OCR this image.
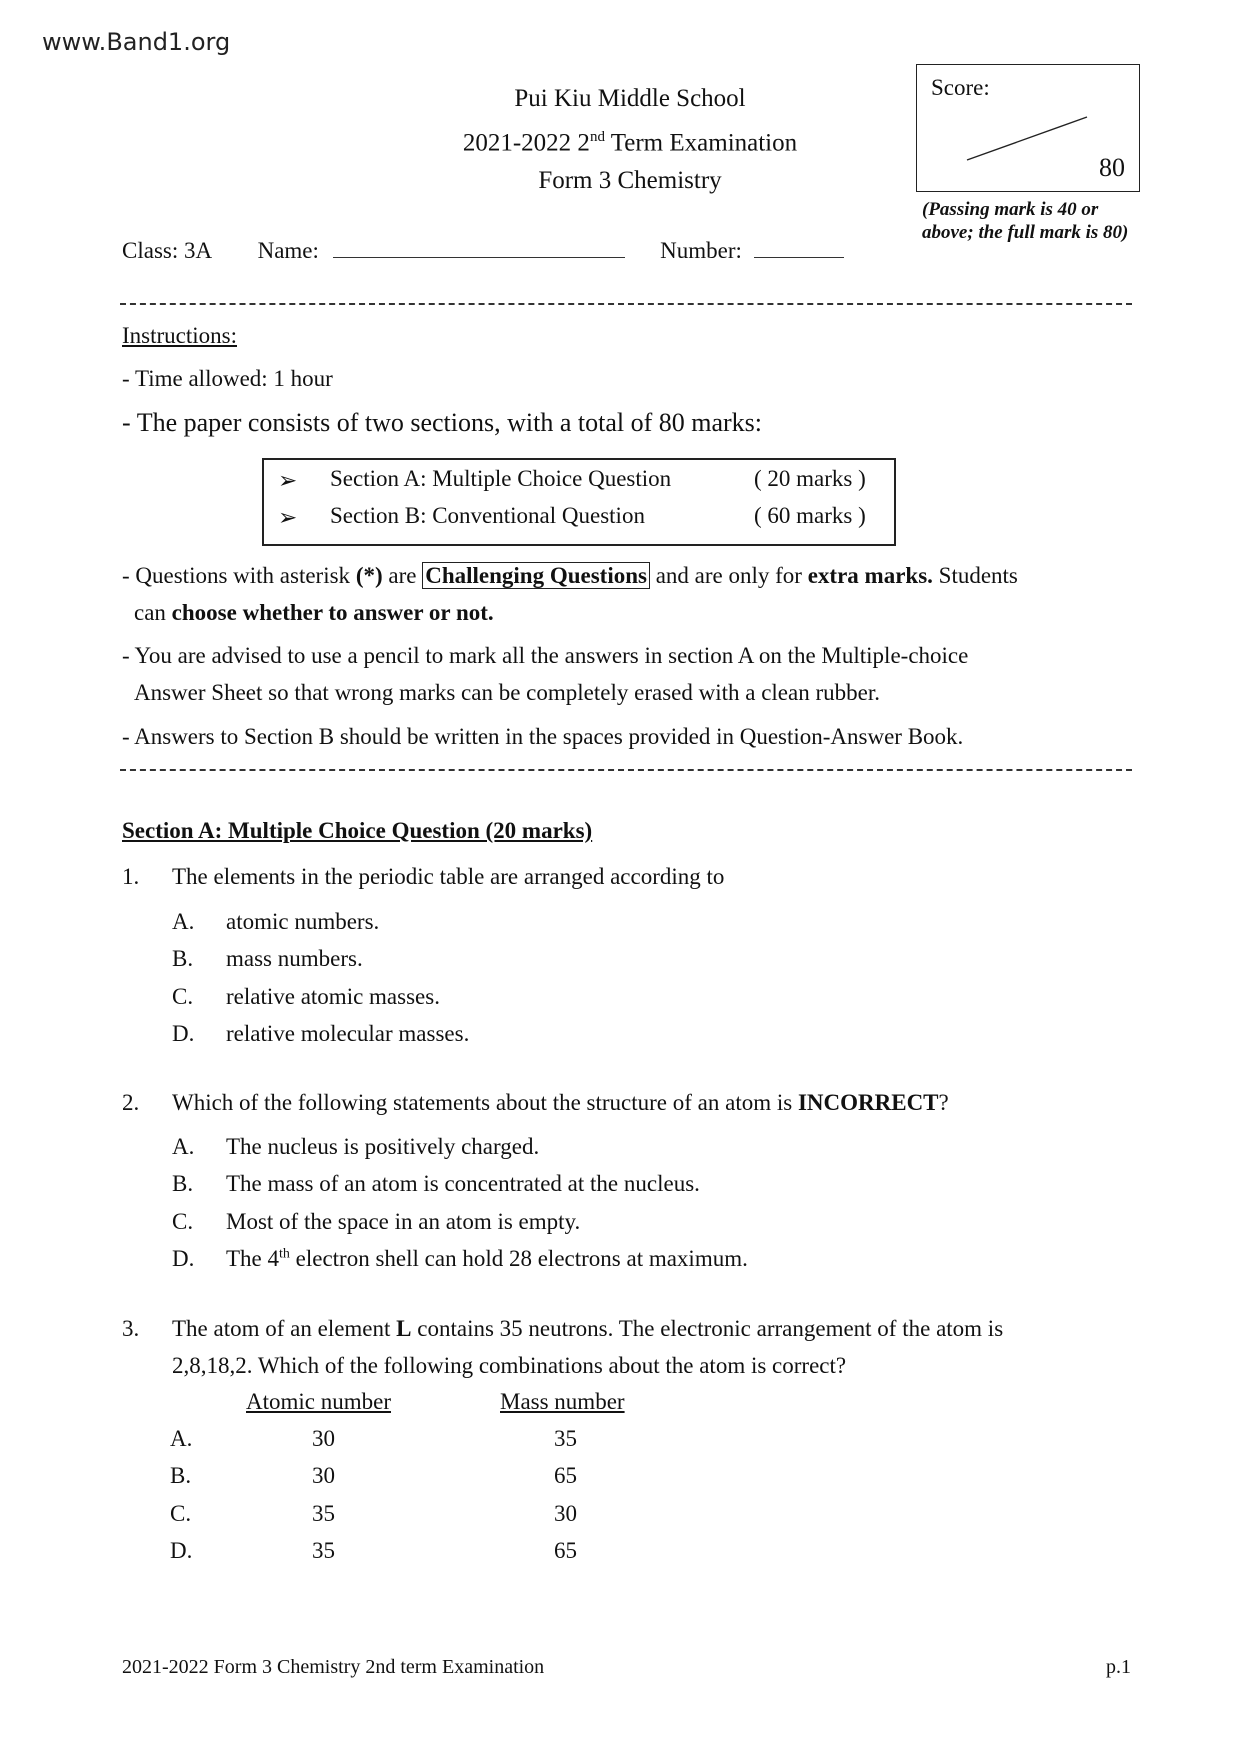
www.Band1.org
Pui Kiu Middle School
2021-2022 2nd Term Examination
Form 3 Chemistry
Score:
80
(Passing mark is 40 or above; the full mark is 80)
Class: 3A Name:	Number:
Instructions:
- Time allowed: 1 hour
- The paper consists of two sections, with a total of 80 marks:
➢ Section A: Multiple Choice Question	( 20 marks )
➢ Section B: Conventional Question	( 60 marks )
- Questions with asterisk (*) are Challenging Questions and are only for extra marks. Students
can choose whether to answer or not.
- You are advised to use a pencil to mark all the answers in section A on the Multiple-choice
Answer Sheet so that wrong marks can be completely erased with a clean rubber.
- Answers to Section B should be written in the spaces provided in Question-Answer Book.
Section A: Multiple Choice Question (20 marks)
1. The elements in the periodic table are arranged according to
A. atomic numbers.
B. mass numbers.
C. relative atomic masses.
D. relative molecular masses.
2. Which of the following statements about the structure of an atom is INCORRECT?
A. The nucleus is positively charged.
B. The mass of an atom is concentrated at the nucleus.
C. Most of the space in an atom is empty.
D. The 4th electron shell can hold 28 electrons at maximum.
3. The atom of an element L contains 35 neutrons. The electronic arrangement of the atom is
2,8,18,2. Which of the following combinations about the atom is correct?
Atomic number	Mass number
A.	30	35
B.	30	65
C.	35	30
D.	35	65
2021-2022 Form 3 Chemistry 2nd term Examination	p.1
